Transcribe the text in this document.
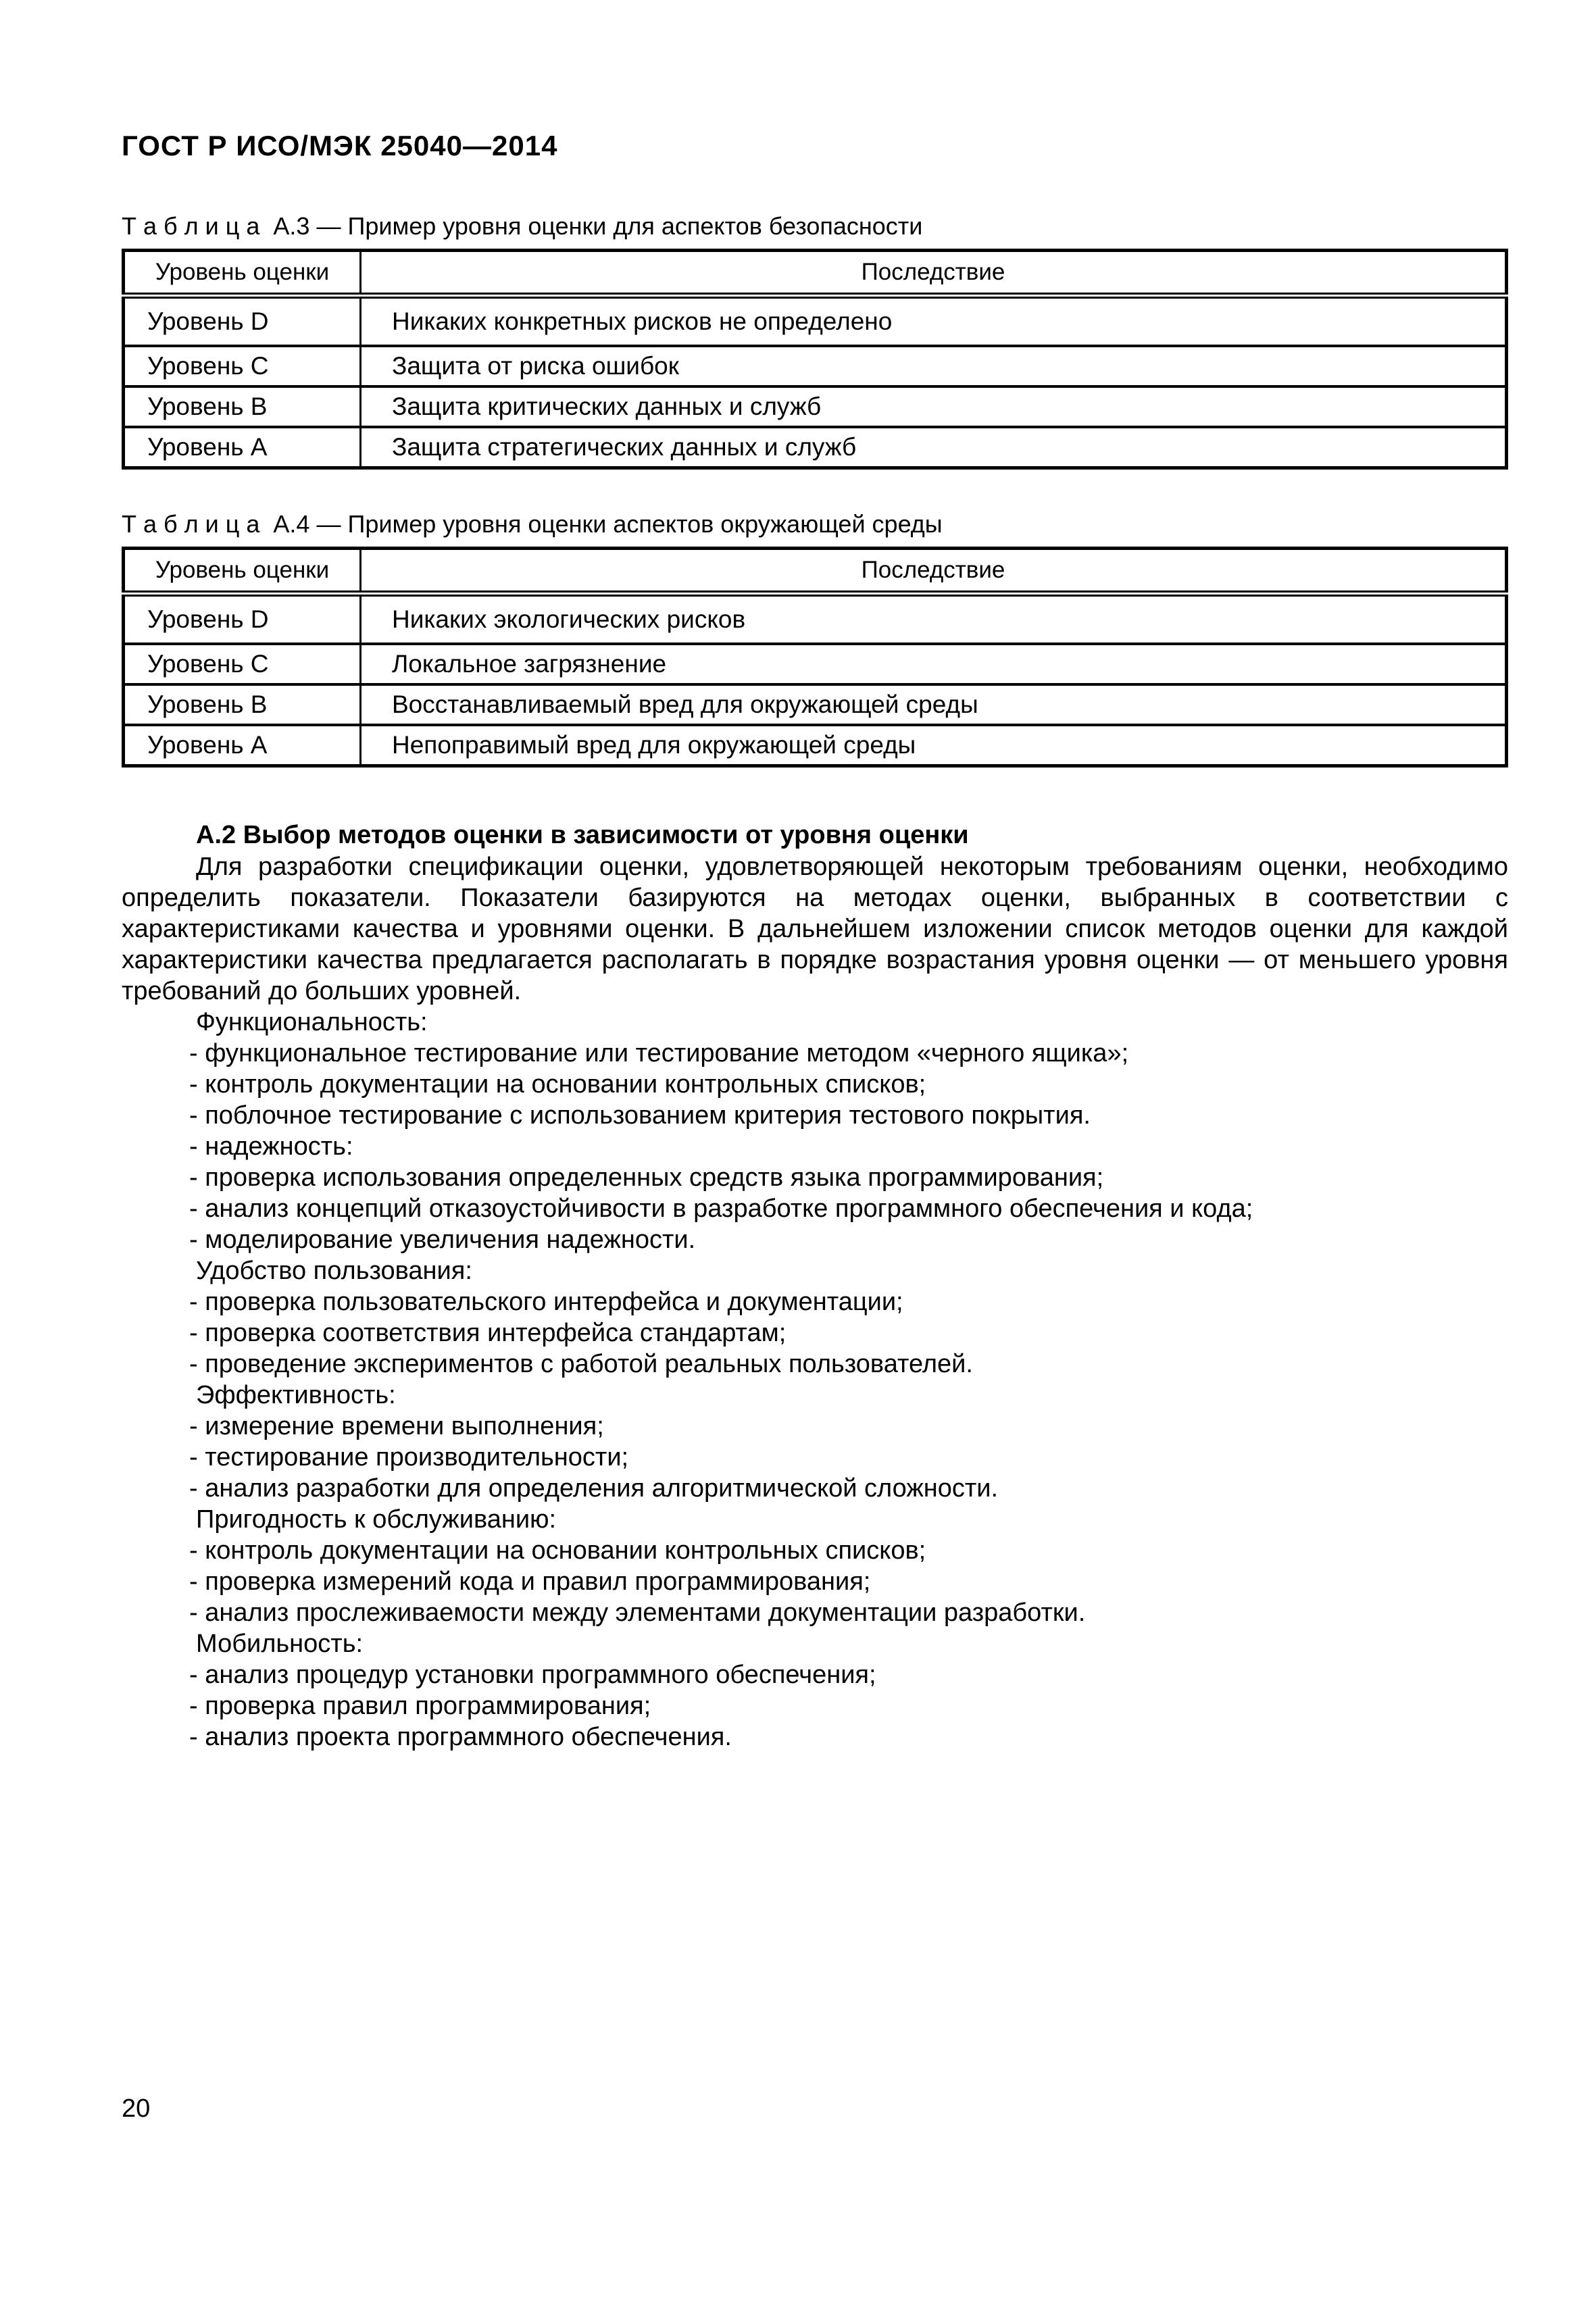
ГОСТ Р ИСО/МЭК 25040—2014
Т а б л и ц а  А.3 — Пример уровня оценки для аспектов безопасности
Уровень оценки	Последствие
Уровень D	Никаких конкретных рисков не определено
Уровень C	Защита от риска ошибок
Уровень B	Защита критических данных и служб
Уровень A	Защита стратегических данных и служб
Т а б л и ц а  А.4 — Пример уровня оценки аспектов окружающей среды
Уровень оценки	Последствие
Уровень D	Никаких экологических рисков
Уровень C	Локальное загрязнение
Уровень B	Восстанавливаемый вред для окружающей среды
Уровень A	Непоправимый вред для окружающей среды
А.2 Выбор методов оценки в зависимости от уровня оценки

Для разработки спецификации оценки, удовлетворяющей некоторым требованиям оценки, необходимо определить показатели. Показатели базируются на методах оценки, выбранных в соответствии с характеристиками качества и уровнями оценки. В дальнейшем изложении список методов оценки для каждой характеристики качества предлагается располагать в порядке возрастания уровня оценки — от меньшего уровня требований до больших уровней.

Функциональность:
- функциональное тестирование или тестирование методом «черного ящика»;
- контроль документации на основании контрольных списков;
- поблочное тестирование с использованием критерия тестового покрытия.
- надежность:
- проверка использования определенных средств языка программирования;
- анализ концепций отказоустойчивости в разработке программного обеспечения и кода;
- моделирование увеличения надежности.
Удобство пользования:
- проверка пользовательского интерфейса и документации;
- проверка соответствия интерфейса стандартам;
- проведение экспериментов с работой реальных пользователей.
Эффективность:
- измерение времени выполнения;
- тестирование производительности;
- анализ разработки для определения алгоритмической сложности.
Пригодность к обслуживанию:
- контроль документации на основании контрольных списков;
- проверка измерений кода и правил программирования;
- анализ прослеживаемости между элементами документации разработки.
Мобильность:
- анализ процедур установки программного обеспечения;
- проверка правил программирования;
- анализ проекта программного обеспечения.
20
